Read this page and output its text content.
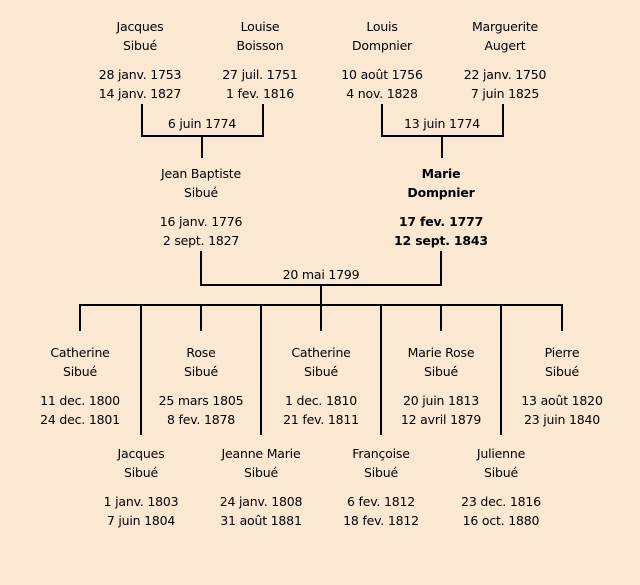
6 juin 1774	13 juin 1774
20 mai 1799
Jacques
Sibué
28 janv. 1753
14 janv. 1827
Louise
Boisson
27 juil. 1751
1 fev. 1816
Louis
Dompnier
10 août 1756
4 nov. 1828
Marguerite
Augert
22 janv. 1750
7 juin 1825
Jean Baptiste
Sibué
16 janv. 1776
2 sept. 1827
Marie
Dompnier
17 fev. 1777
12 sept. 1843
Catherine
Sibué
11 dec. 1800
24 dec. 1801
Rose
Sibué
25 mars 1805
8 fev. 1878
Catherine
Sibué
1 dec. 1810
21 fev. 1811
Marie Rose
Sibué
20 juin 1813
12 avril 1879
Pierre
Sibué
13 août 1820
23 juin 1840
Jacques
Sibué
1 janv. 1803
7 juin 1804
Jeanne Marie
Sibué
24 janv. 1808
31 août 1881
Françoise
Sibué
6 fev. 1812
18 fev. 1812
Julienne
Sibué
23 dec. 1816
16 oct. 1880
